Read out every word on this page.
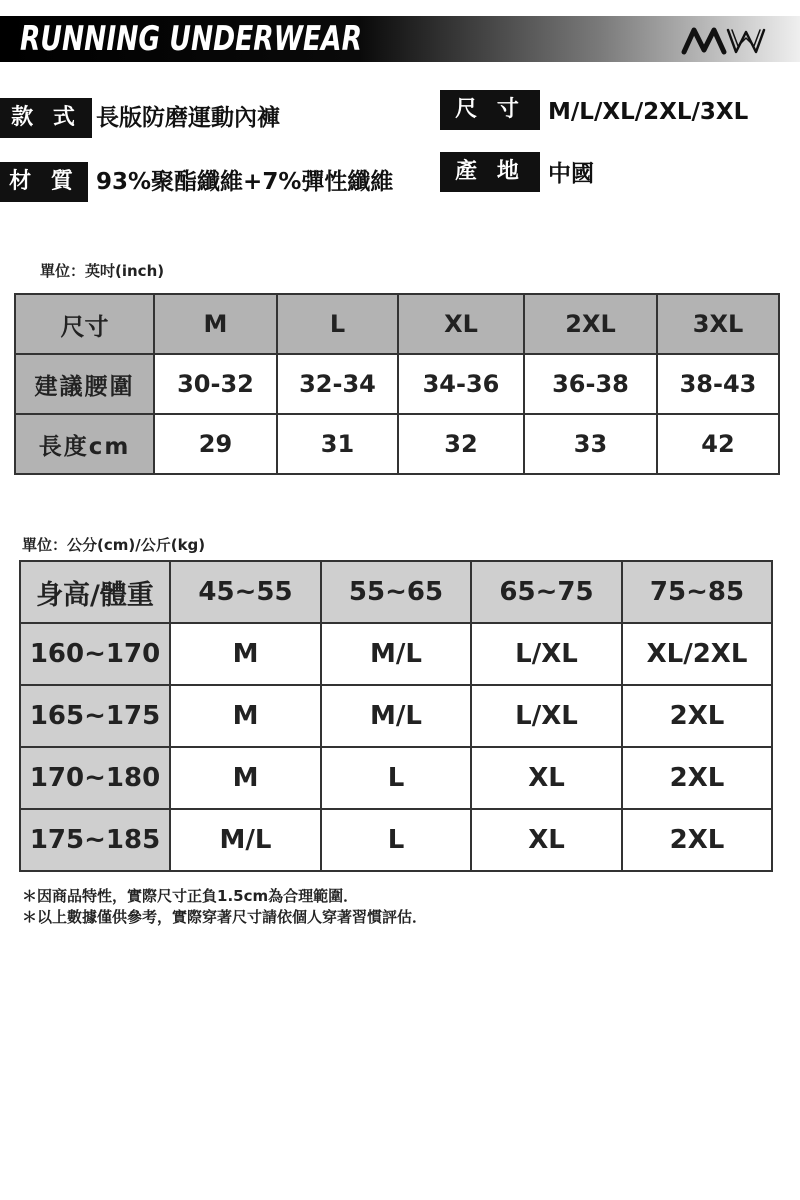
RUNNING UNDERWEAR
款 式 長版防磨運動內褲	尺 寸	M/L/XL/2XL/3XL
材 質 93%聚酯纖維+7%彈性纖維	產 地	中國
單位：英吋(inch)
尺寸	M	L	XL	2XL	3XL
建議腰圍	30-32	32-34	34-36	36-38	38-43
長度cm	29	31	32	33	42
單位：公分(cm)/公斤(kg)
身高/體重	45~55	55~65	65~75	75~85
160~170	M	M/L	L/XL	XL/2XL
165~175	M	M/L	L/XL	2XL
170~180	M	L	XL	2XL
175~185	M/L	L	XL	2XL
＊因商品特性，實際尺寸正負1.5cm為合理範圍．
＊以上數據僅供參考，實際穿著尺寸請依個人穿著習慣評估．
